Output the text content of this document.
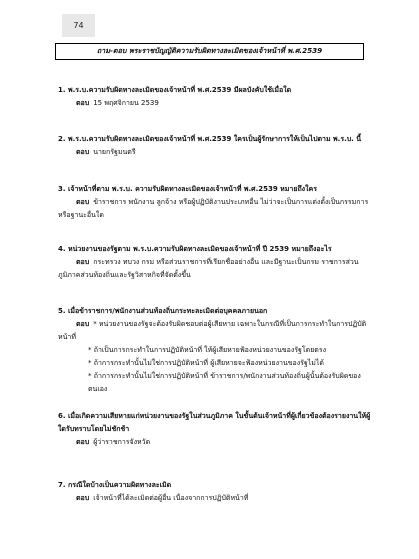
74
ถาม-ตอบ พระราชบัญญัติความรับผิดทางละเมิดของเจ้าหน้าที่ พ.ศ.2539
1. พ.ร.บ.ความรับผิดทางละเมิดของเจ้าหน้าที่ พ.ศ.2539 มีผลบังคับใช้เมื่อใด
ตอบ 15 พฤศจิกายน 2539
2. พ.ร.บ.ความรับผิดทางละเมิดของเจ้าหน้าที่ พ.ศ.2539 ใครเป็นผู้รักษาการให้เป็นไปตาม พ.ร.บ. นี้
ตอบ นายกรัฐมนตรี
3. เจ้าหน้าที่ตาม พ.ร.บ. ความรับผิดทางละเมิดของเจ้าหน้าที่ พ.ศ.2539 หมายถึงใคร
ตอบ ข้าราชการ พนักงาน ลูกจ้าง หรือผู้ปฏิบัติงานประเภทอื่น ไม่ว่าจะเป็นการแต่งตั้งเป็นกรรมการหรือฐานะอื่นใด
4. หน่วยงานของรัฐตาม พ.ร.บ.ความรับผิดทางละเมิดของเจ้าหน้าที่ ปี 2539 หมายถึงอะไร
ตอบ กระทรวง ทบวง กรม หรือส่วนราชการที่เรียกชื่ออย่างอื่น และมีฐานะเป็นกรม ราชการส่วนภูมิภาคส่วนท้องถิ่นและรัฐวิสาหกิจที่จัดตั้งขึ้น
5. เมื่อข้าราชการ/พนักงานส่วนท้องถิ่นกระทะละเมิดต่อบุคคลภายนอก
ตอบ * หน่วยงานของรัฐจะต้องรับผิดชอบต่อผู้เสียหาย เฉพาะในกรณีที่เป็นการกระทำในการปฏิบัติหน้าที่
* ถ้าเป็นการกระทำในการปฏิบัติหน้าที่ ให้ผู้เสียหายฟ้องหน่วยงานของรัฐโดยตรง
* ถ้าการกระทำนั้นไม่ใช่การปฏิบัติหน้าที่ ผู้เสียหายจะฟ้องหน่วยงานของรัฐไม่ได้
* ถ้าการกระทำนั้นไม่ใช่การปฏิบัติหน้าที่ ข้าราชการ/พนักงานส่วนท้องถิ่นผู้นั้นต้องรับผิดของตนเอง
6. เมื่อเกิดความเสียหายแก่หน่วยงานของรัฐในส่วนภูมิภาค ในขั้นต้นเจ้าหน้าที่ผู้เกี่ยวข้องต้องรายงานให้ผู้ใดรับทราบโดยไม่ชักช้า
ตอบ ผู้ว่าราชการจังหวัด
7. กรณีใดบ้างเป็นความผิดทางละเมิด
ตอบ เจ้าหน้าที่ได้ละเมิดต่อผู้อื่น เนื่องจากการปฏิบัติหน้าที่
